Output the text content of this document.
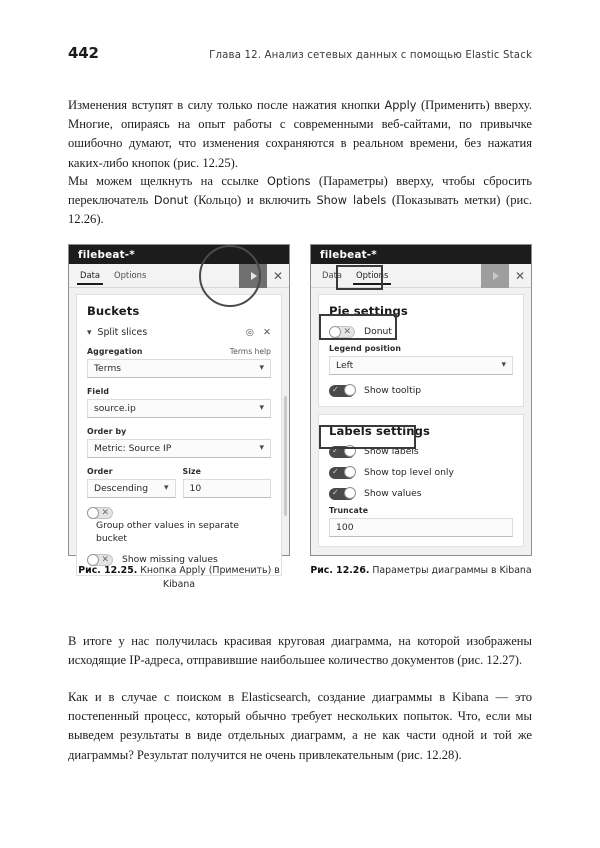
442	Глава 12. Анализ сетевых данных с помощью Elastic Stack
Изменения вступят в силу только после нажатия кнопки Apply (Применить) вверху. Многие, опираясь на опыт работы с современными веб-сайтами, по привычке ошибочно думают, что изменения сохраняются в реальном времени, без нажатия каких-либо кнопок (рис. 12.25).
Мы можем щелкнуть на ссылке Options (Параметры) вверху, чтобы сбросить переключатель Donut (Кольцо) и включить Show labels (Показывать метки) (рис. 12.26).
filebeat-*
Data	Options	✕
Buckets
▾ Split slices	◎ ✕
Aggregation	Terms help
Terms	▾
Field
source.ip	▾
Order by
Metric: Source IP	▾
Order
Descending	▾
Size
10
✕
Group other values in separate bucket
✕ Show missing values
filebeat-*
Data	Options	✕
Pie settings
✕ Donut
Legend position
Left	▾
✓	Show tooltip
Labels settings
✓	Show labels
✓	Show top level only
✓	Show values
Truncate
100
Рис. 12.25. Кнопка Apply (Применить) в Kibana
Рис. 12.26. Параметры диаграммы в Kibana
В итоге у нас получилась красивая круговая диаграмма, на которой изображены исходящие IP-адреса, отправившие наибольшее количество документов (рис. 12.27).
Как и в случае с поиском в Elasticsearch, создание диаграммы в Kibana — это постепенный процесс, который обычно требует нескольких попыток. Что, если мы выведем результаты в виде отдельных диаграмм, а не как части одной и той же диаграммы? Результат получится не очень привлекательным (рис. 12.28).
